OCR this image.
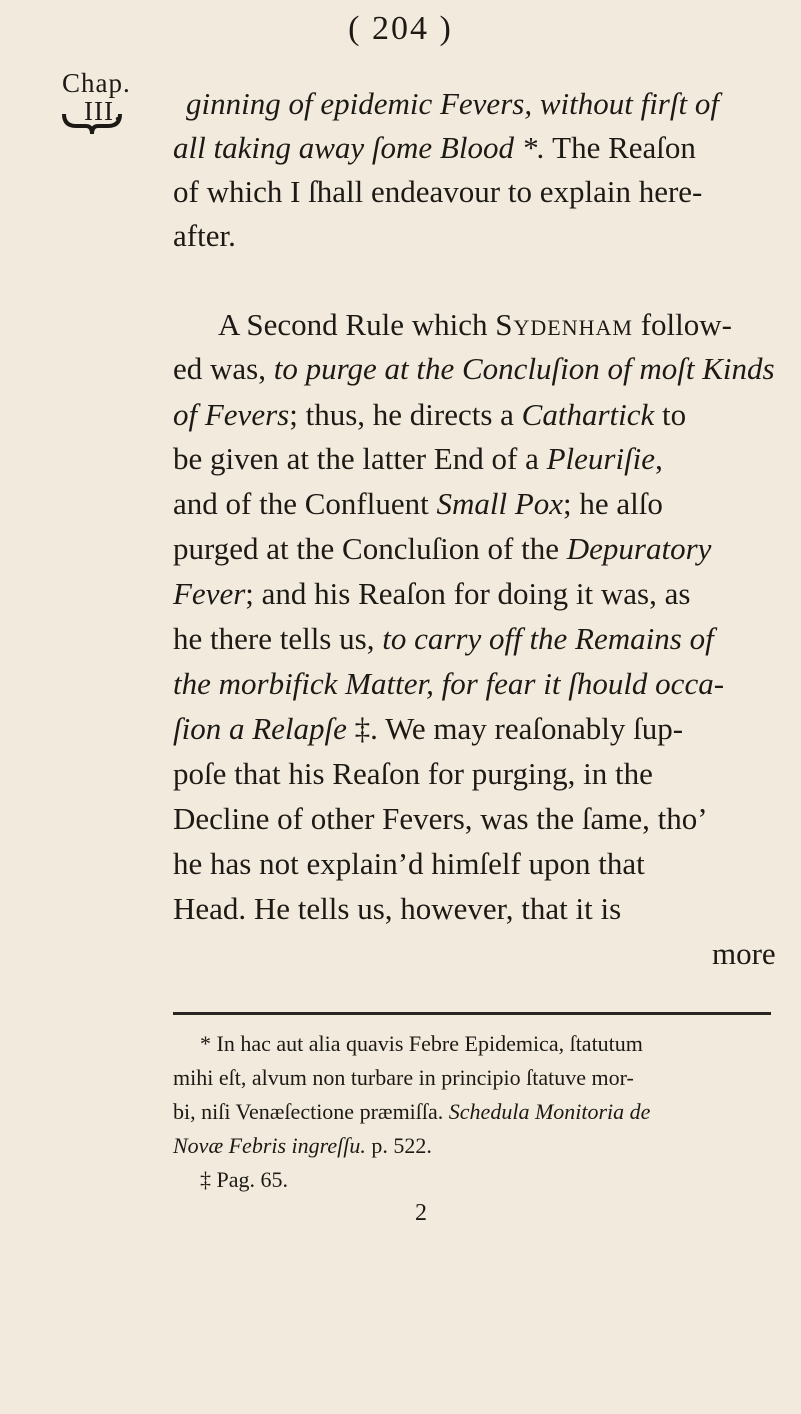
( 204 )
Chap.
III. ginning of epidemic Fevers, without firſt of
all taking away ſome Blood *. The Reaſon
of which I ſhall endeavour to explain here-
after.
A Second Rule which Sydenham follow-
ed was, to purge at the Concluſion of moſt Kinds
of Fevers; thus, he directs a Cathartick to
be given at the latter End of a Pleuriſie,
and of the Confluent Small Pox; he alſo
purged at the Concluſion of the Depuratory
Fever; and his Reaſon for doing it was, as
he there tells us, to carry off the Remains of
the morbifick Matter, for fear it ſhould occa-
ſion a Relapſe ‡. We may reaſonably ſup-
poſe that his Reaſon for purging, in the
Decline of other Fevers, was the ſame, tho’
he has not explain’d himſelf upon that
Head. He tells us, however, that it is
more
* In hac aut alia quavis Febre Epidemica, ſtatutum
mihi eſt, alvum non turbare in principio ſtatuve mor-
bi, niſi Venæſectione præmiſſa. Schedula Monitoria de
Novæ Febris ingreſſu. p. 522.
‡ Pag. 65.
2
